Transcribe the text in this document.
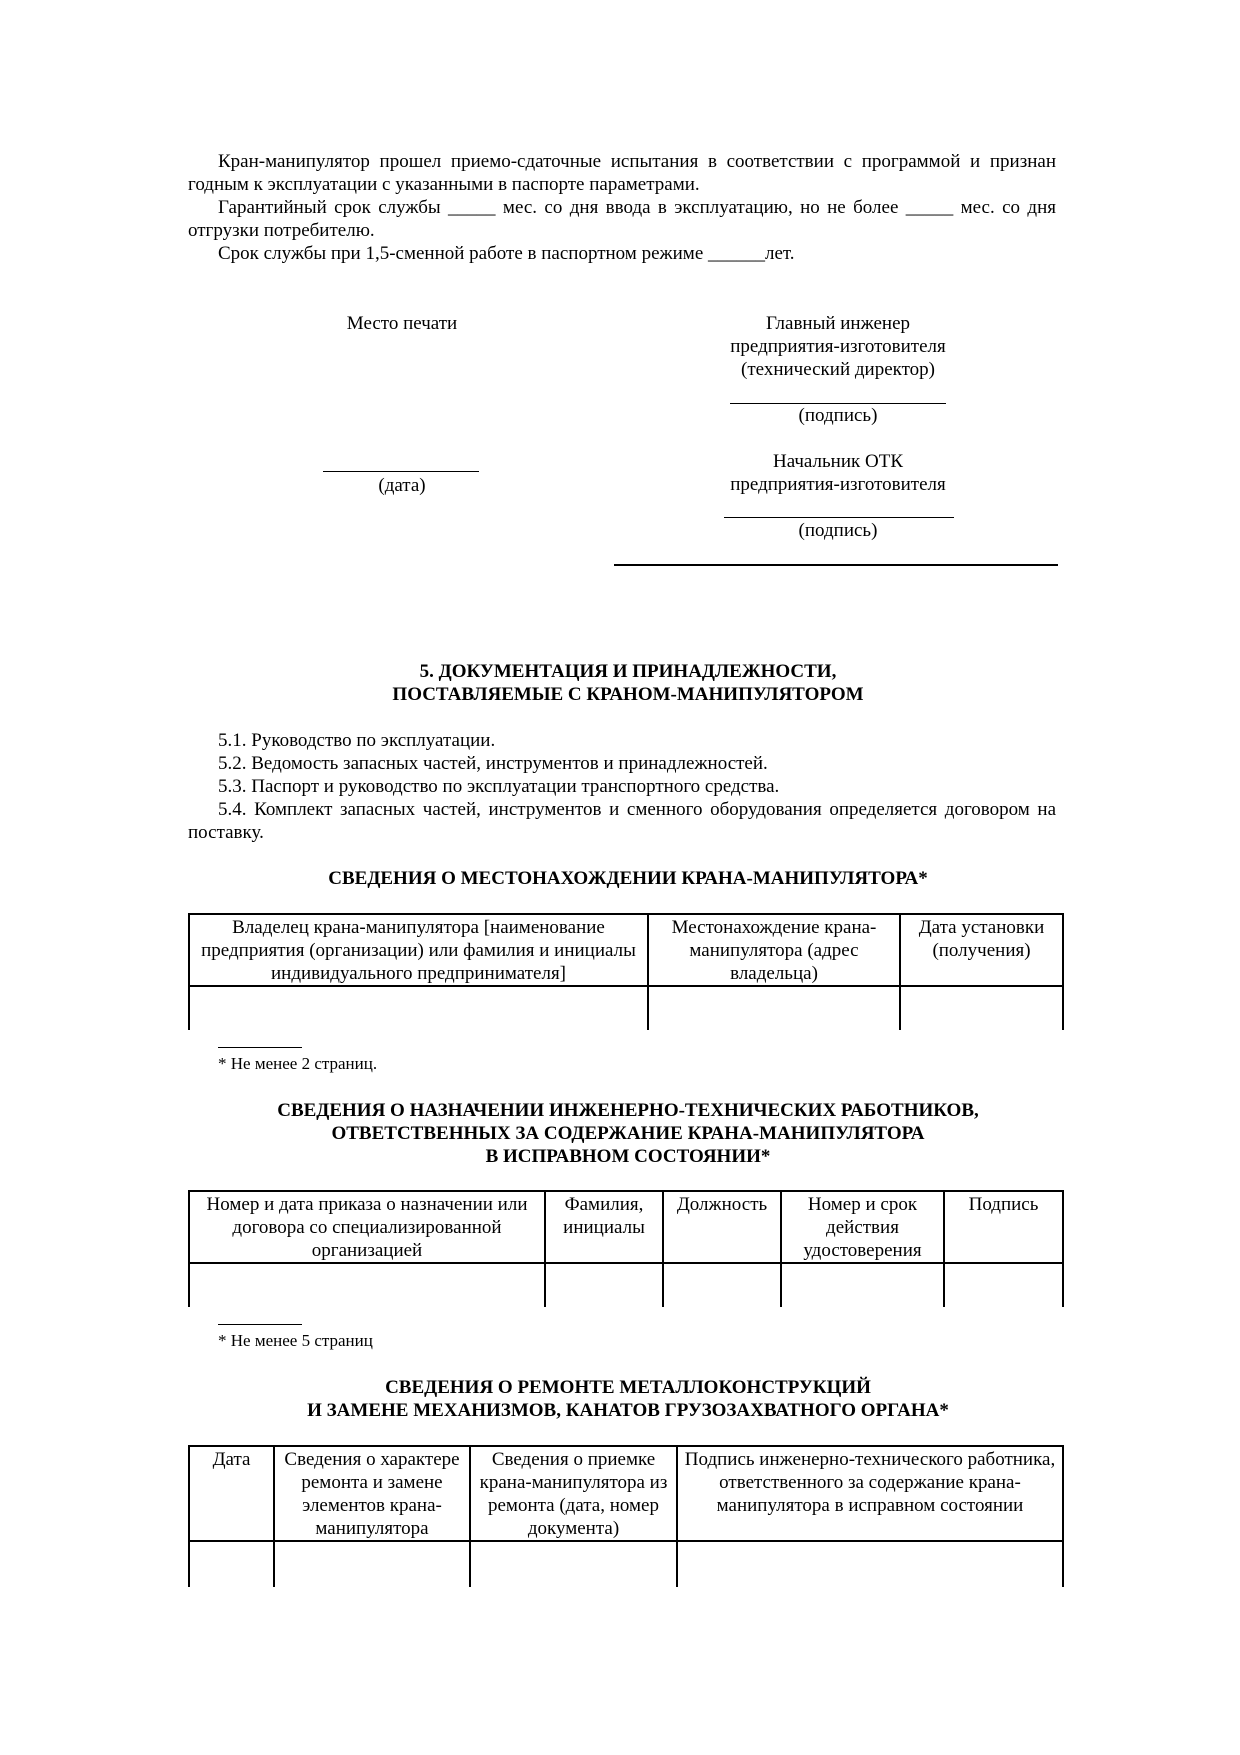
Кран-манипулятор прошел приемо-сдаточные испытания в соответствии с программой и признан годным к эксплуатации с указанными в паспорте параметрами.

Гарантийный срок службы _____ мес. со дня ввода в эксплуатацию, но не более _____ мес. со дня отгрузки потребителю.

Срок службы при 1,5-сменной работе в паспортном режиме ______лет.

Место печати	Главный инженер
предприятия-изготовителя
(технический директор)
(подпись)
(дата)
Начальник ОТК
предприятия-изготовителя
(подпись)
5. ДОКУМЕНТАЦИЯ И ПРИНАДЛЕЖНОСТИ,
ПОСТАВЛЯЕМЫЕ С КРАНОМ-МАНИПУЛЯТОРОМ

5.1. Руководство по эксплуатации.

5.2. Ведомость запасных частей, инструментов и принадлежностей.

5.3. Паспорт и руководство по эксплуатации транспортного средства.

5.4. Комплект запасных частей, инструментов и сменного оборудования определяется договором на поставку.

СВЕДЕНИЯ О МЕСТОНАХОЖДЕНИИ КРАНА-МАНИПУЛЯТОРА*
Владелец крана-манипулятора [наименование предприятия (организации) или фамилия и инициалы индивидуального предпринимателя]	Местонахождение крана-манипулятора (адрес владельца)	Дата установки (получения)

* Не менее 2 страниц.

СВЕДЕНИЯ О НАЗНАЧЕНИИ ИНЖЕНЕРНО-ТЕХНИЧЕСКИХ РАБОТНИКОВ,
ОТВЕТСТВЕННЫХ ЗА СОДЕРЖАНИЕ КРАНА-МАНИПУЛЯТОРА
В ИСПРАВНОМ СОСТОЯНИИ*
Номер и дата приказа о назначении или договора со специализированной организацией	Фамилия, инициалы	Должность	Номер и срок действия удостоверения	Подпись

* Не менее 5 страниц

СВЕДЕНИЯ О РЕМОНТЕ МЕТАЛЛОКОНСТРУКЦИЙ
И ЗАМЕНЕ МЕХАНИЗМОВ, КАНАТОВ ГРУЗОЗАХВАТНОГО ОРГАНА*
Дата	Сведения о характере ремонта и замене элементов крана-манипулятора	Сведения о приемке крана-манипулятора из ремонта (дата, номер документа)	Подпись инженерно-технического работника, ответственного за содержание крана-манипулятора в исправном состоянии
